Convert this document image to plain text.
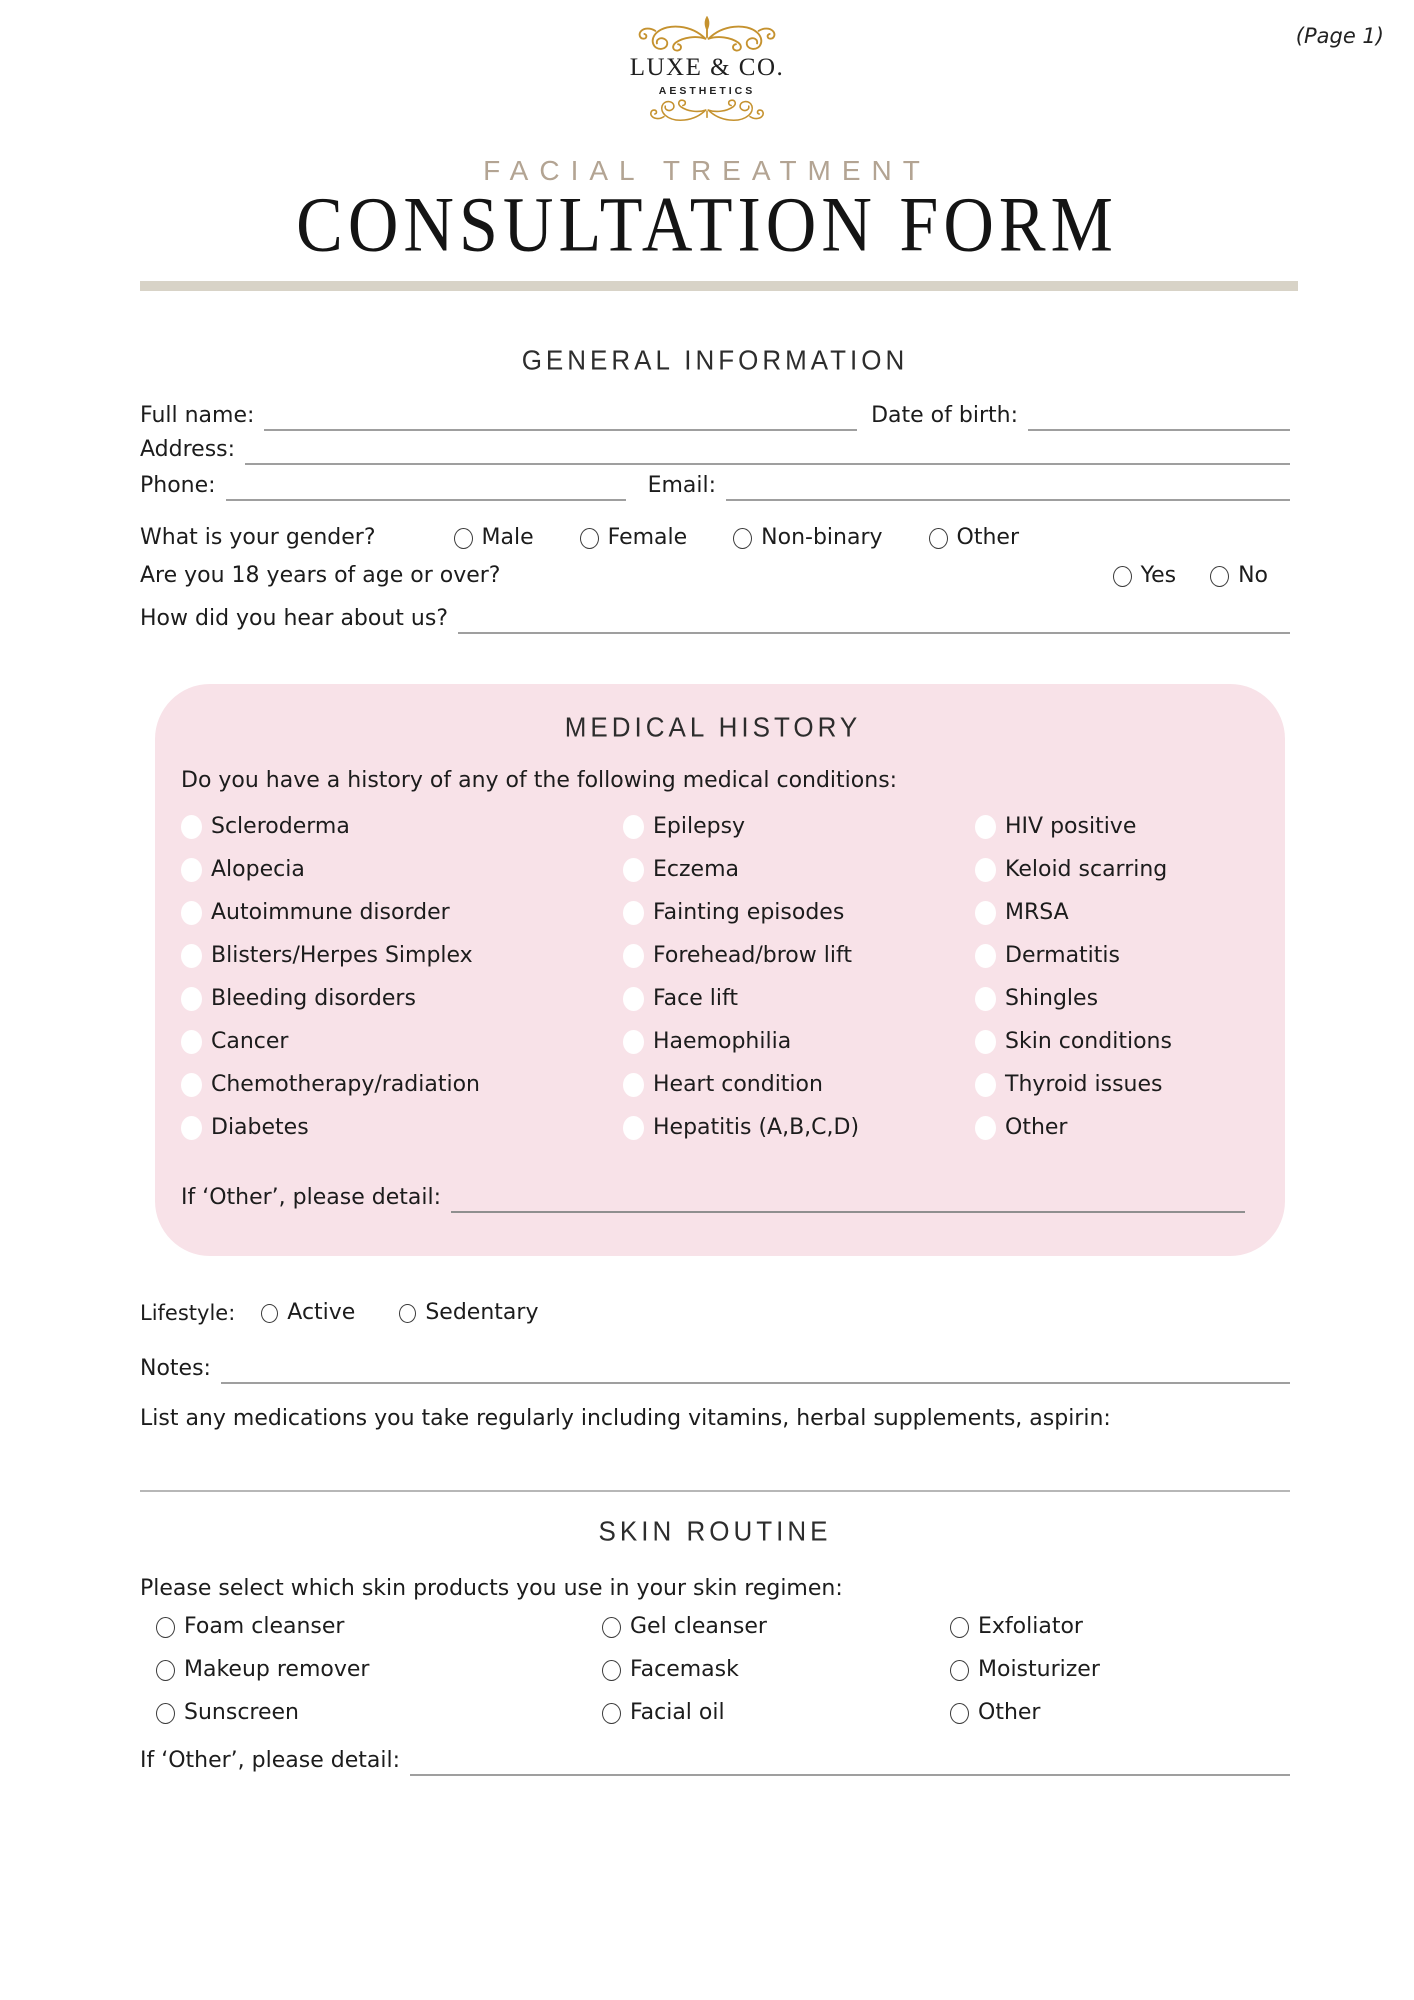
(Page 1)
LUXE & CO.
AESTHETICS
FACIAL TREATMENT
CONSULTATION FORM
GENERAL INFORMATION
Full name:	Date of birth:
Address:
Phone:	Email:
What is your gender?	Male	Female	Non-binary	Other
Are you 18 years of age or over?	Yes	No
How did you hear about us?
MEDICAL HISTORY

Do you have a history of any of the following medical conditions:

Scleroderma	Epilepsy	HIV positive
Alopecia	Eczema	Keloid scarring
Autoimmune disorder	Fainting episodes	MRSA
Blisters/Herpes Simplex	Forehead/brow lift	Dermatitis
Bleeding disorders	Face lift	Shingles
Cancer	Haemophilia	Skin conditions
Chemotherapy/radiation	Heart condition	Thyroid issues
Diabetes	Hepatitis (A,B,C,D)	Other
If ‘Other’, please detail:
Lifestyle: Active	Sedentary
Notes:

List any medications you take regularly including vitamins, herbal supplements, aspirin:

SKIN ROUTINE

Please select which skin products you use in your skin regimen:

Foam cleanser	Gel cleanser	Exfoliator
Makeup remover	Facemask	Moisturizer
Sunscreen	Facial oil	Other
If ‘Other’, please detail:
